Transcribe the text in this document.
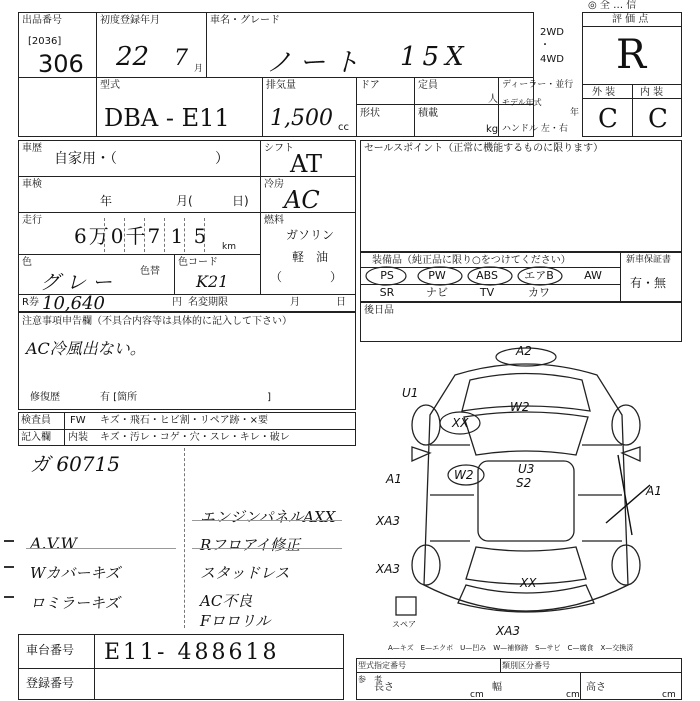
◎ 全 … 信
出品番号
[2036]
306
初度登録年月
22 7 月
車名・グレード
ノート 15X
2WD
・
4WD
評 価 点
R
外 装 内 装
C C
型式
DBA - E11
排気量
1,500 cc
ドア	定員
人
形状	積載
kg
ディーラー・並行
モデル年式
年
ハンドル 左・右
車歴
自家用・（　　　　　　　）
車検
年	月(	日)
走行
6万0千7 1 5 km
色
グレー 色替
色コード
K21
シフト
AT
冷房
AC
燃料
ガソリン
軽　油
（　　　　）
R券 10,640	円 名変期限	月	日
セールスポイント（正常に機能するものに限ります）
装備品（純正品に限り○をつけてください）
PS	PW	ABS	エアB	AW
SR	ナビ	TV	カワ
新車保証書
有・無
後日品
注意事項申告欄（不具合内容等は具体的に記入して下さい）
AC冷風出ない。
修復歴	有 [箇所　　　　　　　　　　　　　]
検査員
記入欄
FW キズ・飛石・ヒビ割・リペア跡・×要
内装 キズ・汚レ・コゲ・穴・スレ・キレ・破レ
ガ 60715
A.V.W
Wカバーキズ
ロミラーキズ
エンジンパネルAXX
Rフロアイ修正
スタッドレス
AC不良
Fロロリル
A2
W2
XX
A1	W2	U3
S2
A1
XA3
XA3
XX
XA3
U1
スペア
A—キズ　E—エクボ　U—凹み　W—補修跡　S—サビ　C—腐食　X—交換済
車台番号 E11- 488618
登録番号
型式指定番号	類別区分番号
参　考
長さ
cm
幅
cm
高さ
cm
